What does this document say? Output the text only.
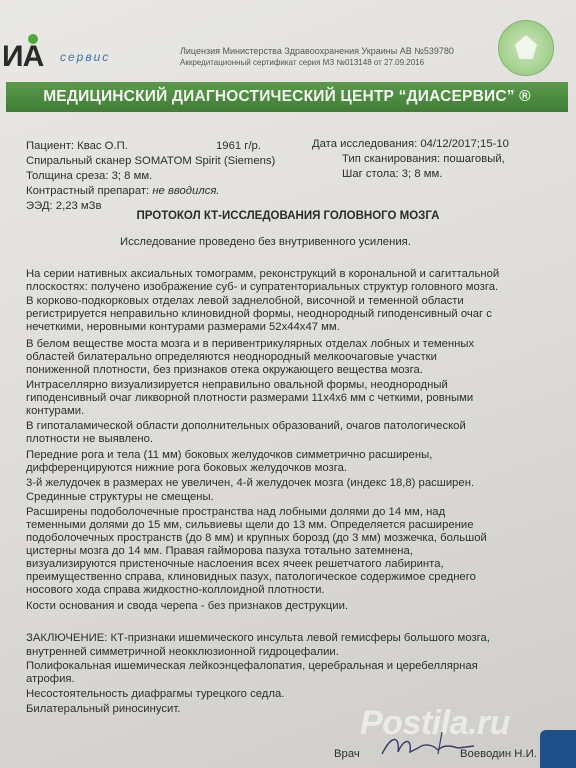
ИА сервис	Лицензия Министерства Здравоохранения Украины АВ №539780
Аккредитационный сертификат серия МЗ №013148 от 27.09.2016
МЕДИЦИНСКИЙ ДИАГНОСТИЧЕСКИЙ ЦЕНТР “ДИАСЕРВИС” ®
Пациент: Квас О.П.	1961 г/р.	Дата исследования: 04/12/2017;15-10
Спиральный сканер SOMATOM Spirit (Siemens)	Тип сканирования: пошаговый,
Толщина среза: 3; 8 мм.	Шаг стола: 3; 8 мм.
Контрастный препарат: не вводился.
ЭЭД: 2,23 мЗв
ПРОТОКОЛ КТ-ИССЛЕДОВАНИЯ ГОЛОВНОГО МОЗГА
Исследование проведено без внутривенного усиления.
На серии нативных аксиальных томограмм, реконструкций в корональной и сагиттальной
плоскостях: получено изображение суб- и супратенториальных структур головного мозга.
В корково-подкорковых отделах левой заднелобной, височной и теменной области
регистрируется неправильно клиновидной формы, неоднородный гиподенсивный очаг с
нечеткими, неровными контурами размерами 52х44х47 мм.
В белом веществе моста мозга и в перивентрикулярных отделах лобных и теменных
областей билатерально определяются неоднородный мелкоочаговые участки
пониженной плотности, без признаков отека окружающего вещества мозга.
Интраселлярно визуализируется неправильно овальной формы, неоднородный
гиподенсивный очаг ликворной плотности размерами 11х4х6 мм с четкими, ровными
контурами.
В гипоталамической области дополнительных образований, очагов патологической
плотности не выявлено.
Передние рога и тела (11 мм) боковых желудочков симметрично расширены,
дифференцируются нижние рога боковых желудочков мозга.
3-й желудочек в размерах не увеличен, 4-й желудочек мозга (индекс 18,8) расширен.
Срединные структуры не смещены.
Расширены подоболочечные пространства над лобными долями до 14 мм, над
теменными долями до 15 мм, сильвиевы щели до 13 мм. Определяется расширение
подоболочечных пространств (до 8 мм) и крупных борозд (до 3 мм) мозжечка, большой
цистерны мозга до 14 мм. Правая гайморова пазуха тотально затемнена,
визуализируются пристеночные наслоения всех ячеек решетчатого лабиринта,
преимущественно справа, клиновидных пазух, патологическое содержимое среднего
носового хода справа жидкостно-коллоидной плотности.
Кости основания и свода черепа - без признаков деструкции.
ЗАКЛЮЧЕНИЕ: КТ-признаки ишемического инсульта левой гемисферы большого мозга,
внутренней симметричной неокклюзионной гидроцефалии.
Полифокальная ишемическая лейкоэнцефалопатия, церебральная и церебеллярная
атрофия.
Несостоятельность диафрагмы турецкого седла.
Билатеральный риносинусит.	Postila.ru
Врач	Воеводин Н.И.
